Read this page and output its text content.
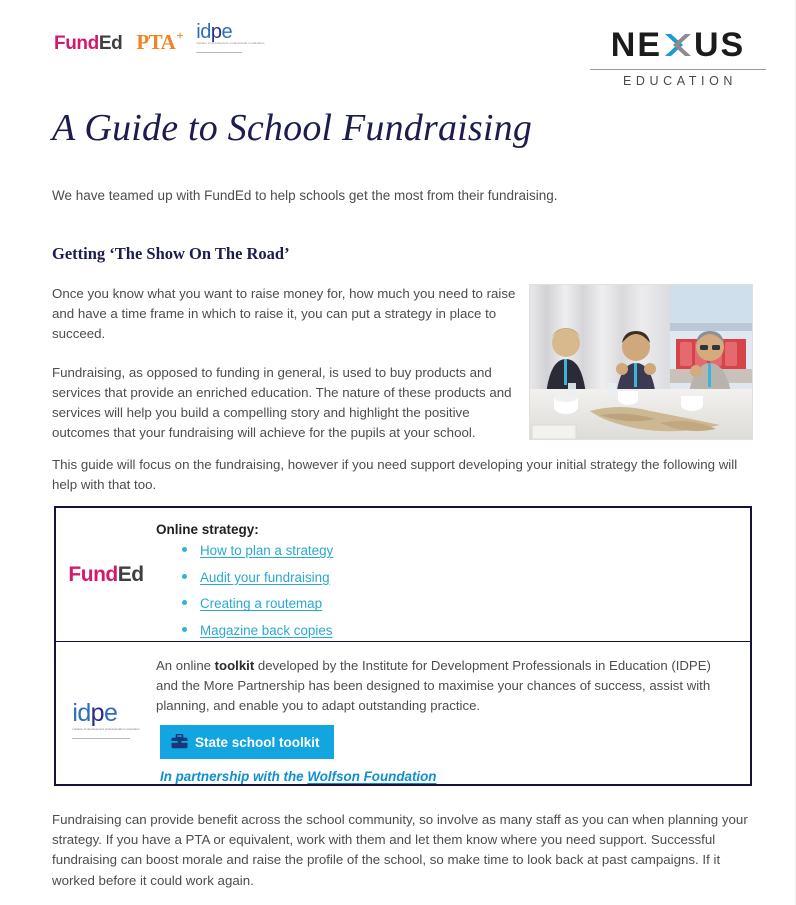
FundEd PTA + idpe
institute of development professionals in education	NE US
EDUCATION
A Guide to School Fundraising

We have teamed up with FundEd to help schools get the most from their fundraising.

Getting ‘The Show On The Road’

Once you know what you want to raise money for, how much you need to raise and have a time frame in which to raise it, you can put a strategy in place to succeed.

Fundraising, as opposed to funding in general, is used to buy products and services that provide an enriched education. The nature of these products and services will help you build a compelling story and highlight the positive outcomes that your fundraising will achieve for the pupils at your school.

This guide will focus on the fundraising, however if you need support developing your initial strategy the following will help with that too.

FundEd

Online strategy:

How to plan a strategy
Audit your fundraising
Creating a routemap
Magazine back copies
idpe
institute of development professionals in education

An online toolkit developed by the Institute for Development Professionals in Education (IDPE) and the More Partnership has been designed to maximise your chances of success, assist with planning, and enable you to adapt outstanding practice.

State school toolkit

In partnership with the Wolfson Foundation

Fundraising can provide benefit across the school community, so involve as many staff as you can when planning your strategy. If you have a PTA or equivalent, work with them and let them know where you need support. Successful fundraising can boost morale and raise the profile of the school, so make time to look back at past campaigns. If it worked before it could work again.
